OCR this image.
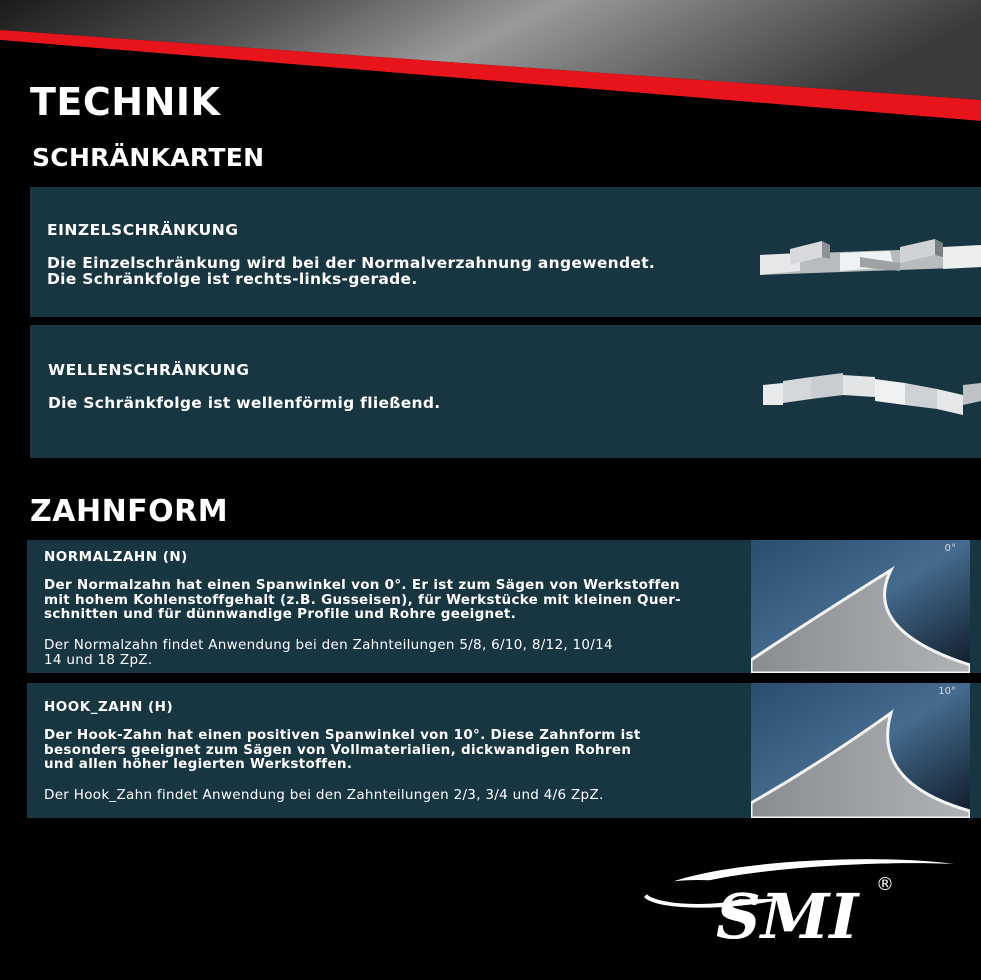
TECHNIK
SCHRÄNKARTEN
EINZELSCHRÄNKUNG
Die Einzelschränkung wird bei der Normalverzahnung angewendet.
Die Schränkfolge ist rechts-links-gerade.
WELLENSCHRÄNKUNG
Die Schränkfolge ist wellenförmig fließend.
ZAHNFORM
NORMALZAHN (N)
Der Normalzahn hat einen Spanwinkel von 0°. Er ist zum Sägen von Werkstoffen
mit hohem Kohlenstoffgehalt (z.B. Gusseisen), für Werkstücke mit kleinen Quer-
schnitten und für dünnwandige Profile und Rohre geeignet.
Der Normalzahn findet Anwendung bei den Zahnteilungen 5/8, 6/10, 8/12, 10/14
14 und 18 ZpZ.
0°
HOOK_ZAHN (H)
Der Hook-Zahn hat einen positiven Spanwinkel von 10°. Diese Zahnform ist
besonders geeignet zum Sägen von Vollmaterialien, dickwandigen Rohren
und allen höher legierten Werkstoffen.
Der Hook_Zahn findet Anwendung bei den Zahnteilungen 2/3, 3/4 und 4/6 ZpZ.
10°
SMI ®
